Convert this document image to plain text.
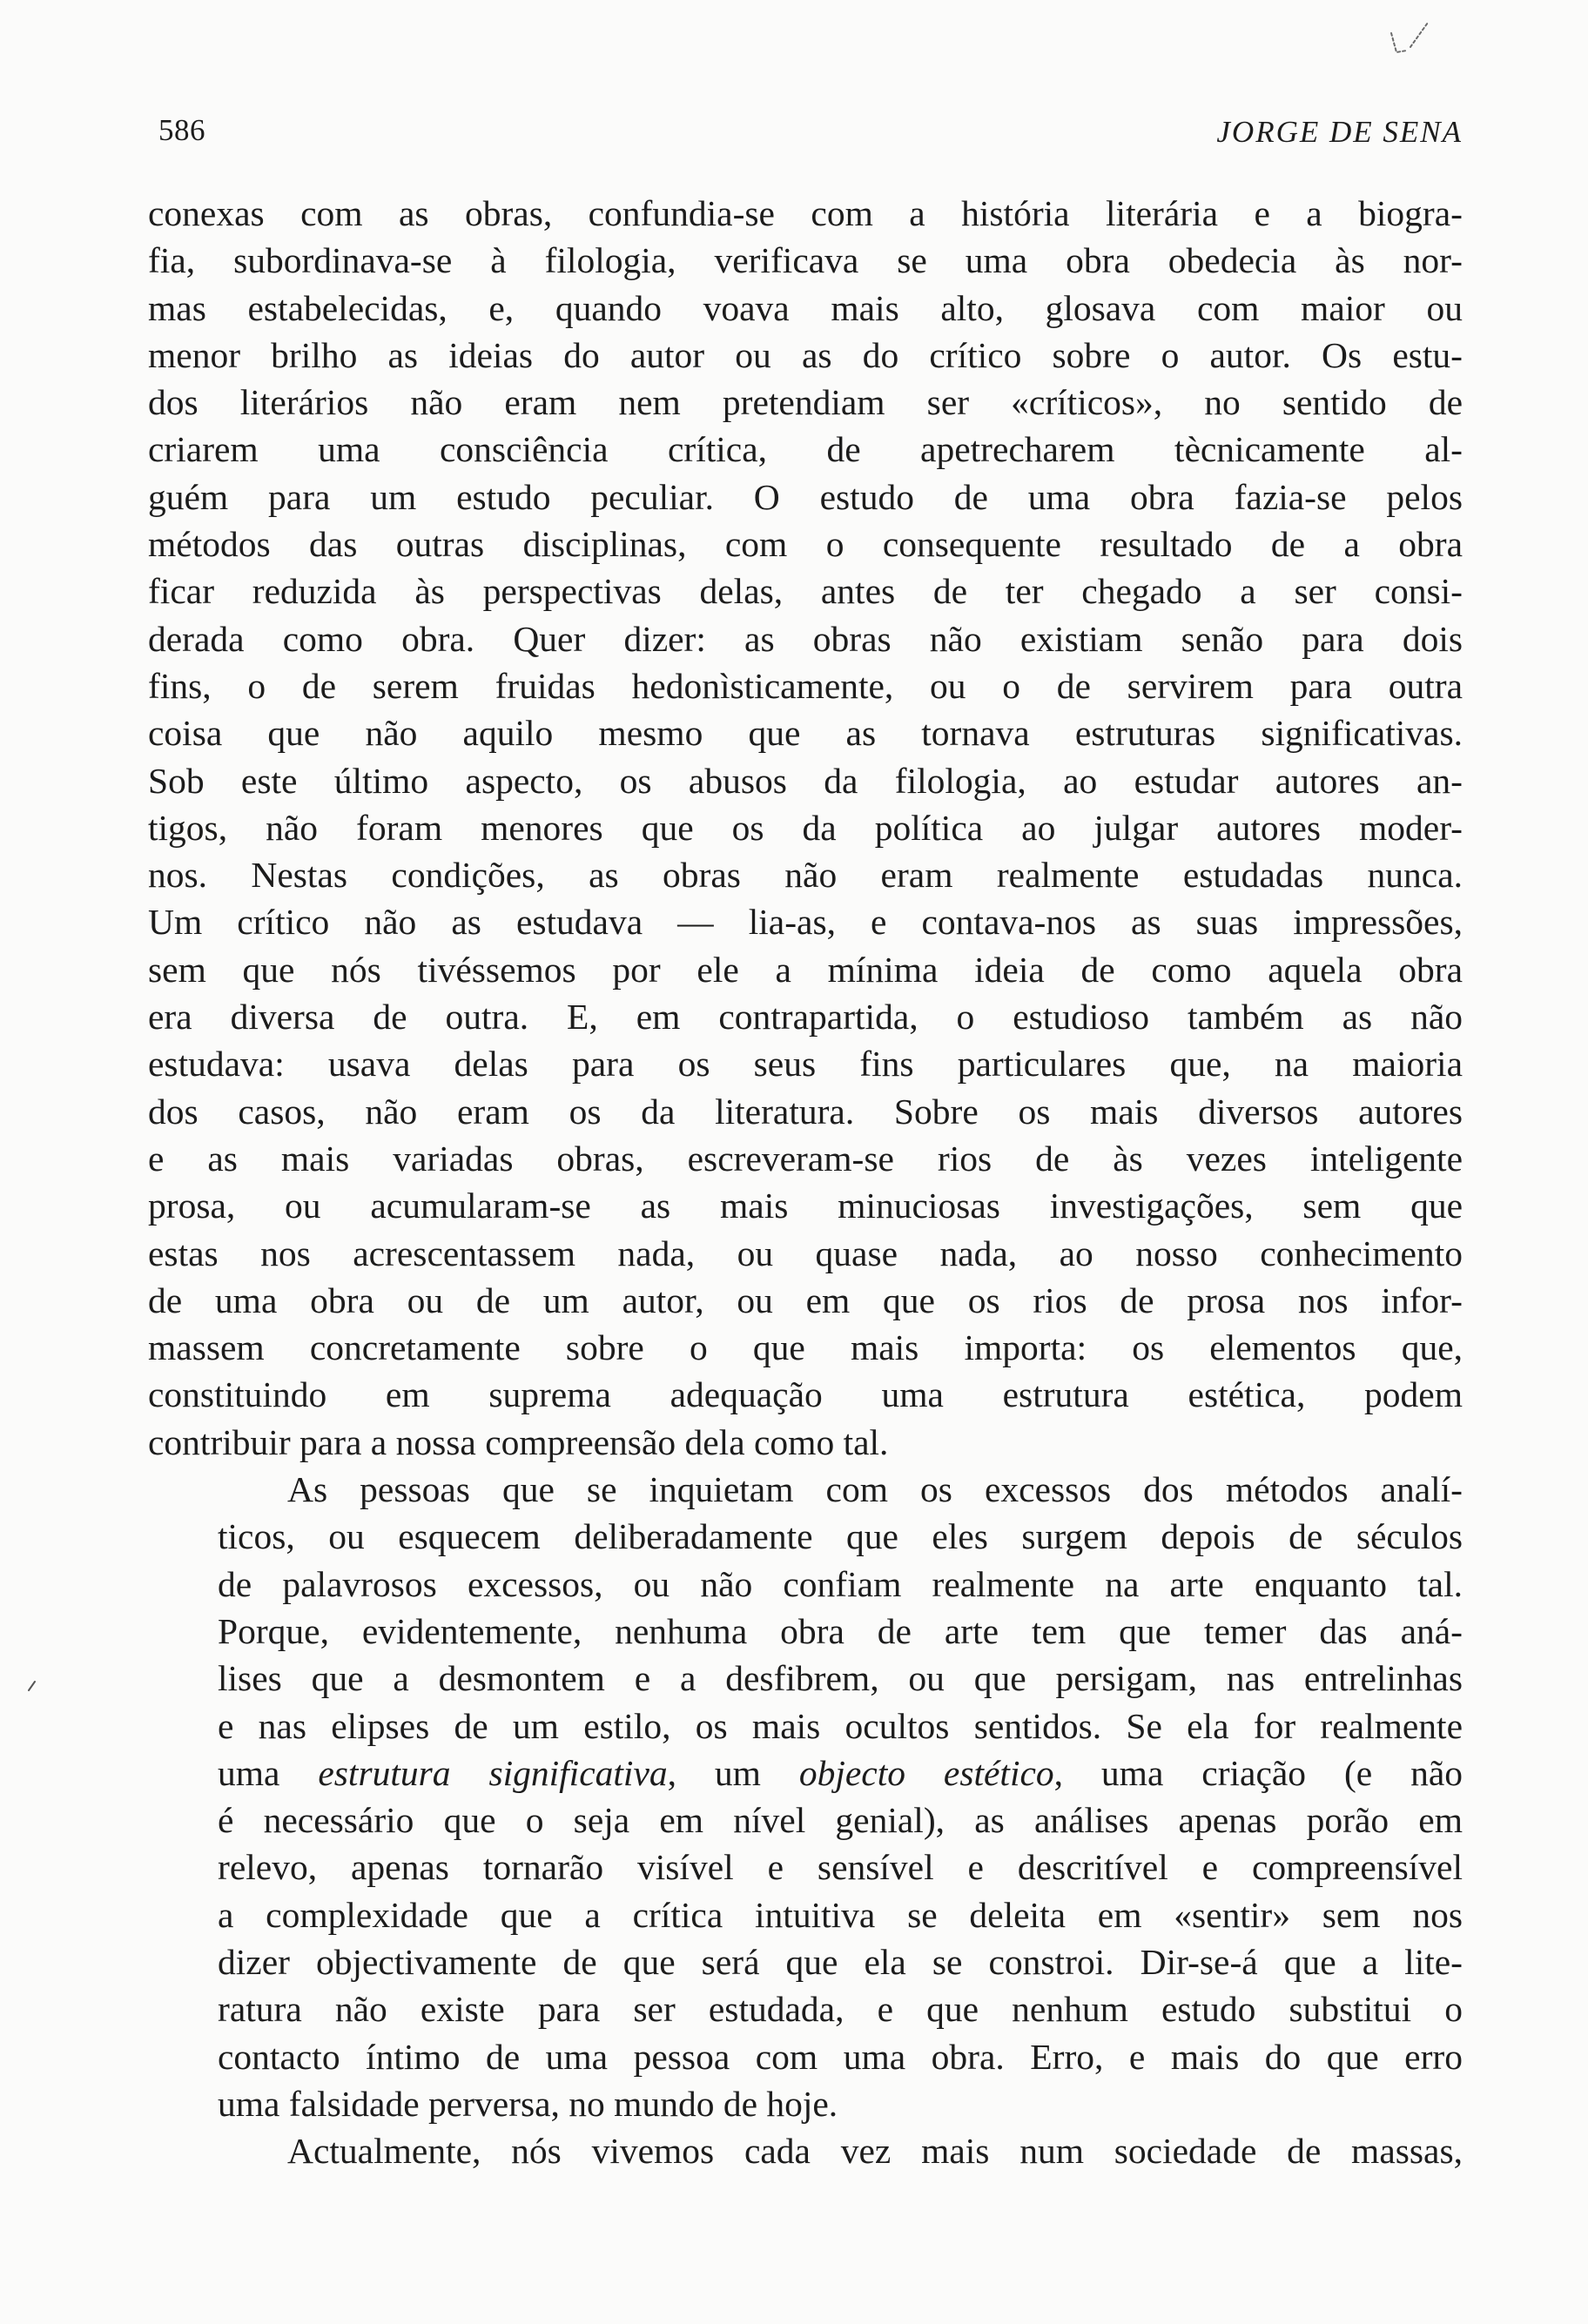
586	JORGE DE SENA

conexas com as obras, confundia-se com a história literária e a biogra-
fia, subordinava-se à filologia, verificava se uma obra obedecia às nor-
mas estabelecidas, e, quando voava mais alto, glosava com maior ou
menor brilho as ideias do autor ou as do crítico sobre o autor. Os estu-
dos literários não eram nem pretendiam ser «críticos», no sentido de
criarem uma consciência crítica, de apetrecharem tècnicamente al-
guém para um estudo peculiar. O estudo de uma obra fazia-se pelos
métodos das outras disciplinas, com o consequente resultado de a obra
ficar reduzida às perspectivas delas, antes de ter chegado a ser consi-
derada como obra. Quer dizer: as obras não existiam senão para dois
fins, o de serem fruidas hedonìsticamente, ou o de servirem para outra
coisa que não aquilo mesmo que as tornava estruturas significativas.
Sob este último aspecto, os abusos da filologia, ao estudar autores an-
tigos, não foram menores que os da política ao julgar autores moder-
nos. Nestas condições, as obras não eram realmente estudadas nunca.
Um crítico não as estudava — lia-as, e contava-nos as suas impressões,
sem que nós tivéssemos por ele a mínima ideia de como aquela obra
era diversa de outra. E, em contrapartida, o estudioso também as não
estudava: usava delas para os seus fins particulares que, na maioria
dos casos, não eram os da literatura. Sobre os mais diversos autores
e as mais variadas obras, escreveram-se rios de às vezes inteligente
prosa, ou acumularam-se as mais minuciosas investigações, sem que
estas nos acrescentassem nada, ou quase nada, ao nosso conhecimento
de uma obra ou de um autor, ou em que os rios de prosa nos infor-
massem concretamente sobre o que mais importa: os elementos que,
constituindo em suprema adequação uma estrutura estética, podem
contribuir para a nossa compreensão dela como tal.

As pessoas que se inquietam com os excessos dos métodos analí-
ticos, ou esquecem deliberadamente que eles surgem depois de séculos
de palavrosos excessos, ou não confiam realmente na arte enquanto tal.
Porque, evidentemente, nenhuma obra de arte tem que temer das aná-
lises que a desmontem e a desfibrem, ou que persigam, nas entrelinhas
e nas elipses de um estilo, os mais ocultos sentidos. Se ela for realmente
uma estrutura significativa, um objecto estético, uma criação (e não
é necessário que o seja em nível genial), as análises apenas porão em
relevo, apenas tornarão visível e sensível e descritível e compreensível
a complexidade que a crítica intuitiva se deleita em «sentir» sem nos
dizer objectivamente de que será que ela se constroi. Dir-se-á que a lite-
ratura não existe para ser estudada, e que nenhum estudo substitui o
contacto íntimo de uma pessoa com uma obra. Erro, e mais do que erro
uma falsidade perversa, no mundo de hoje.

Actualmente, nós vivemos cada vez mais num sociedade de massas,
